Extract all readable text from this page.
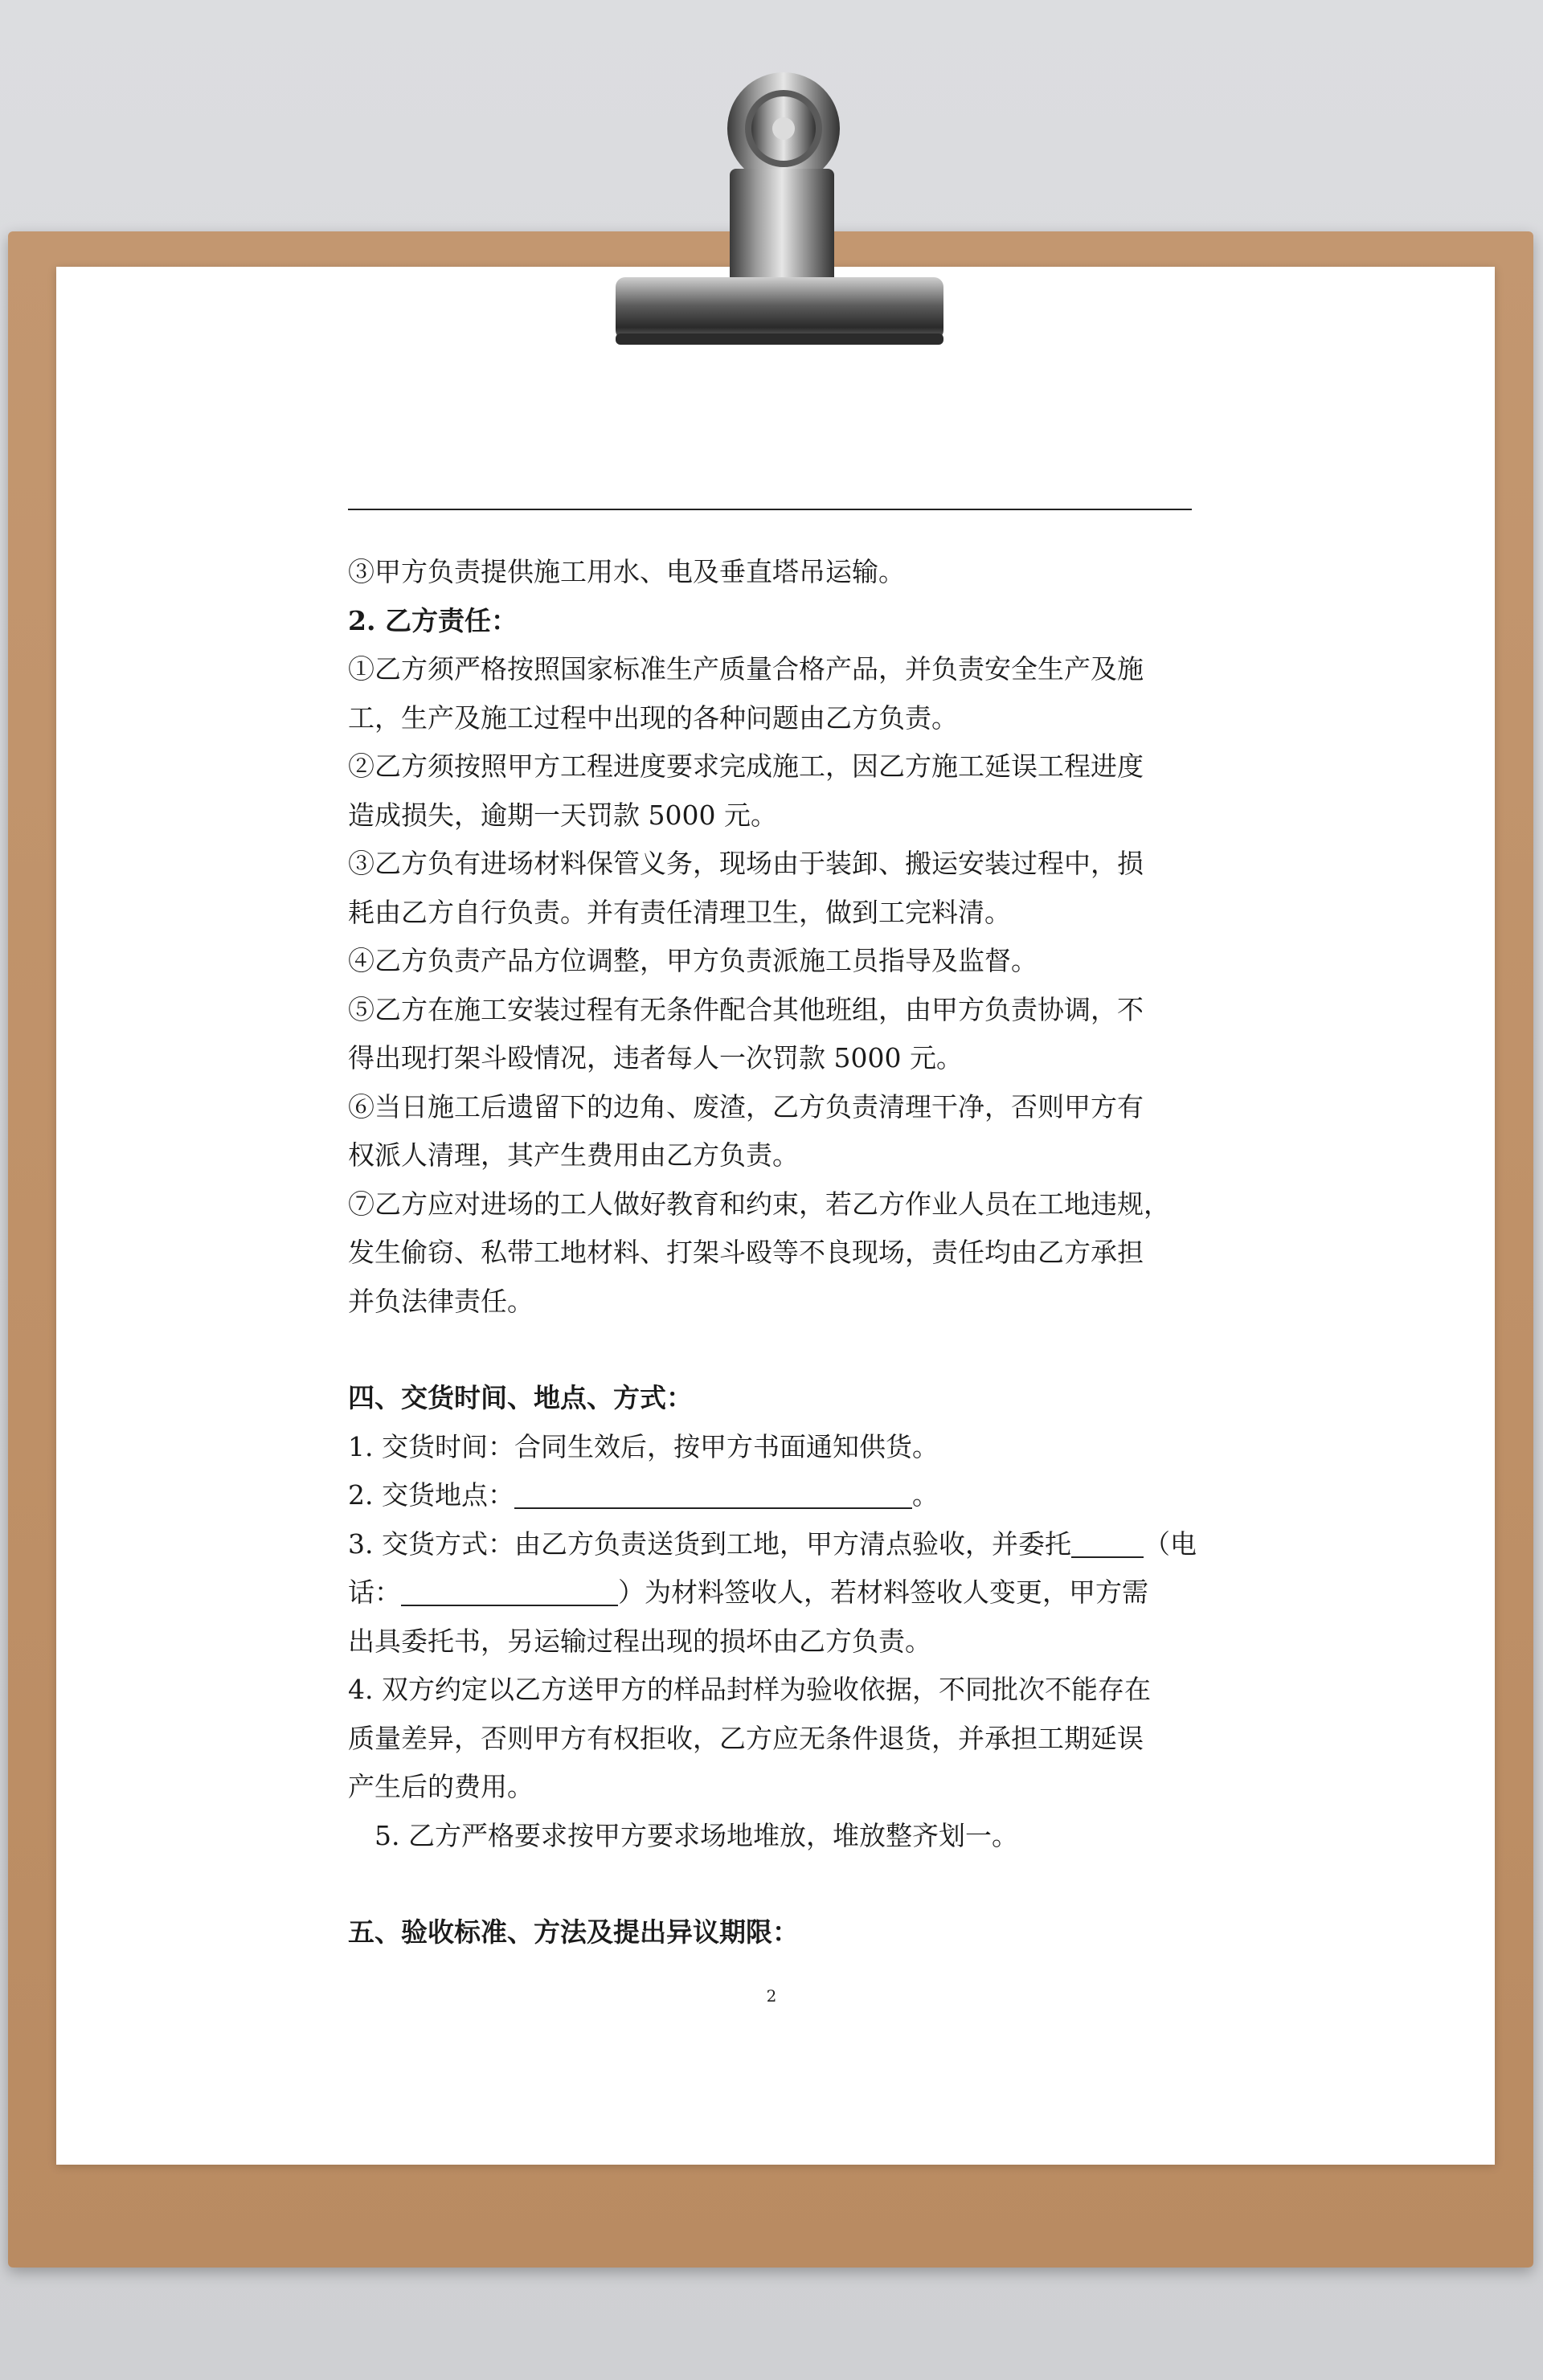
③甲方负责提供施工用水、电及垂直塔吊运输。
2. 乙方责任：
①乙方须严格按照国家标准生产质量合格产品，并负责安全生产及施
工，生产及施工过程中出现的各种问题由乙方负责。
②乙方须按照甲方工程进度要求完成施工，因乙方施工延误工程进度
造成损失，逾期一天罚款 5000 元。
③乙方负有进场材料保管义务，现场由于装卸、搬运安装过程中，损
耗由乙方自行负责。并有责任清理卫生，做到工完料清。
④乙方负责产品方位调整，甲方负责派施工员指导及监督。
⑤乙方在施工安装过程有无条件配合其他班组，由甲方负责协调，不
得出现打架斗殴情况，违者每人一次罚款 5000 元。
⑥当日施工后遗留下的边角、废渣，乙方负责清理干净，否则甲方有
权派人清理，其产生费用由乙方负责。
⑦乙方应对进场的工人做好教育和约束，若乙方作业人员在工地违规，
发生偷窃、私带工地材料、打架斗殴等不良现场，责任均由乙方承担
并负法律责任。
四、交货时间、地点、方式：
1. 交货时间：合同生效后，按甲方书面通知供货。
2. 交货地点：	。
3. 交货方式：由乙方负责送货到工地，甲方清点验收，并委托	（电
话：	）为材料签收人，若材料签收人变更，甲方需
出具委托书，另运输过程出现的损坏由乙方负责。
4. 双方约定以乙方送甲方的样品封样为验收依据，不同批次不能存在
质量差异，否则甲方有权拒收，乙方应无条件退货，并承担工期延误
产生后的费用。
　5. 乙方严格要求按甲方要求场地堆放，堆放整齐划一。
五、验收标准、方法及提出异议期限：
2
